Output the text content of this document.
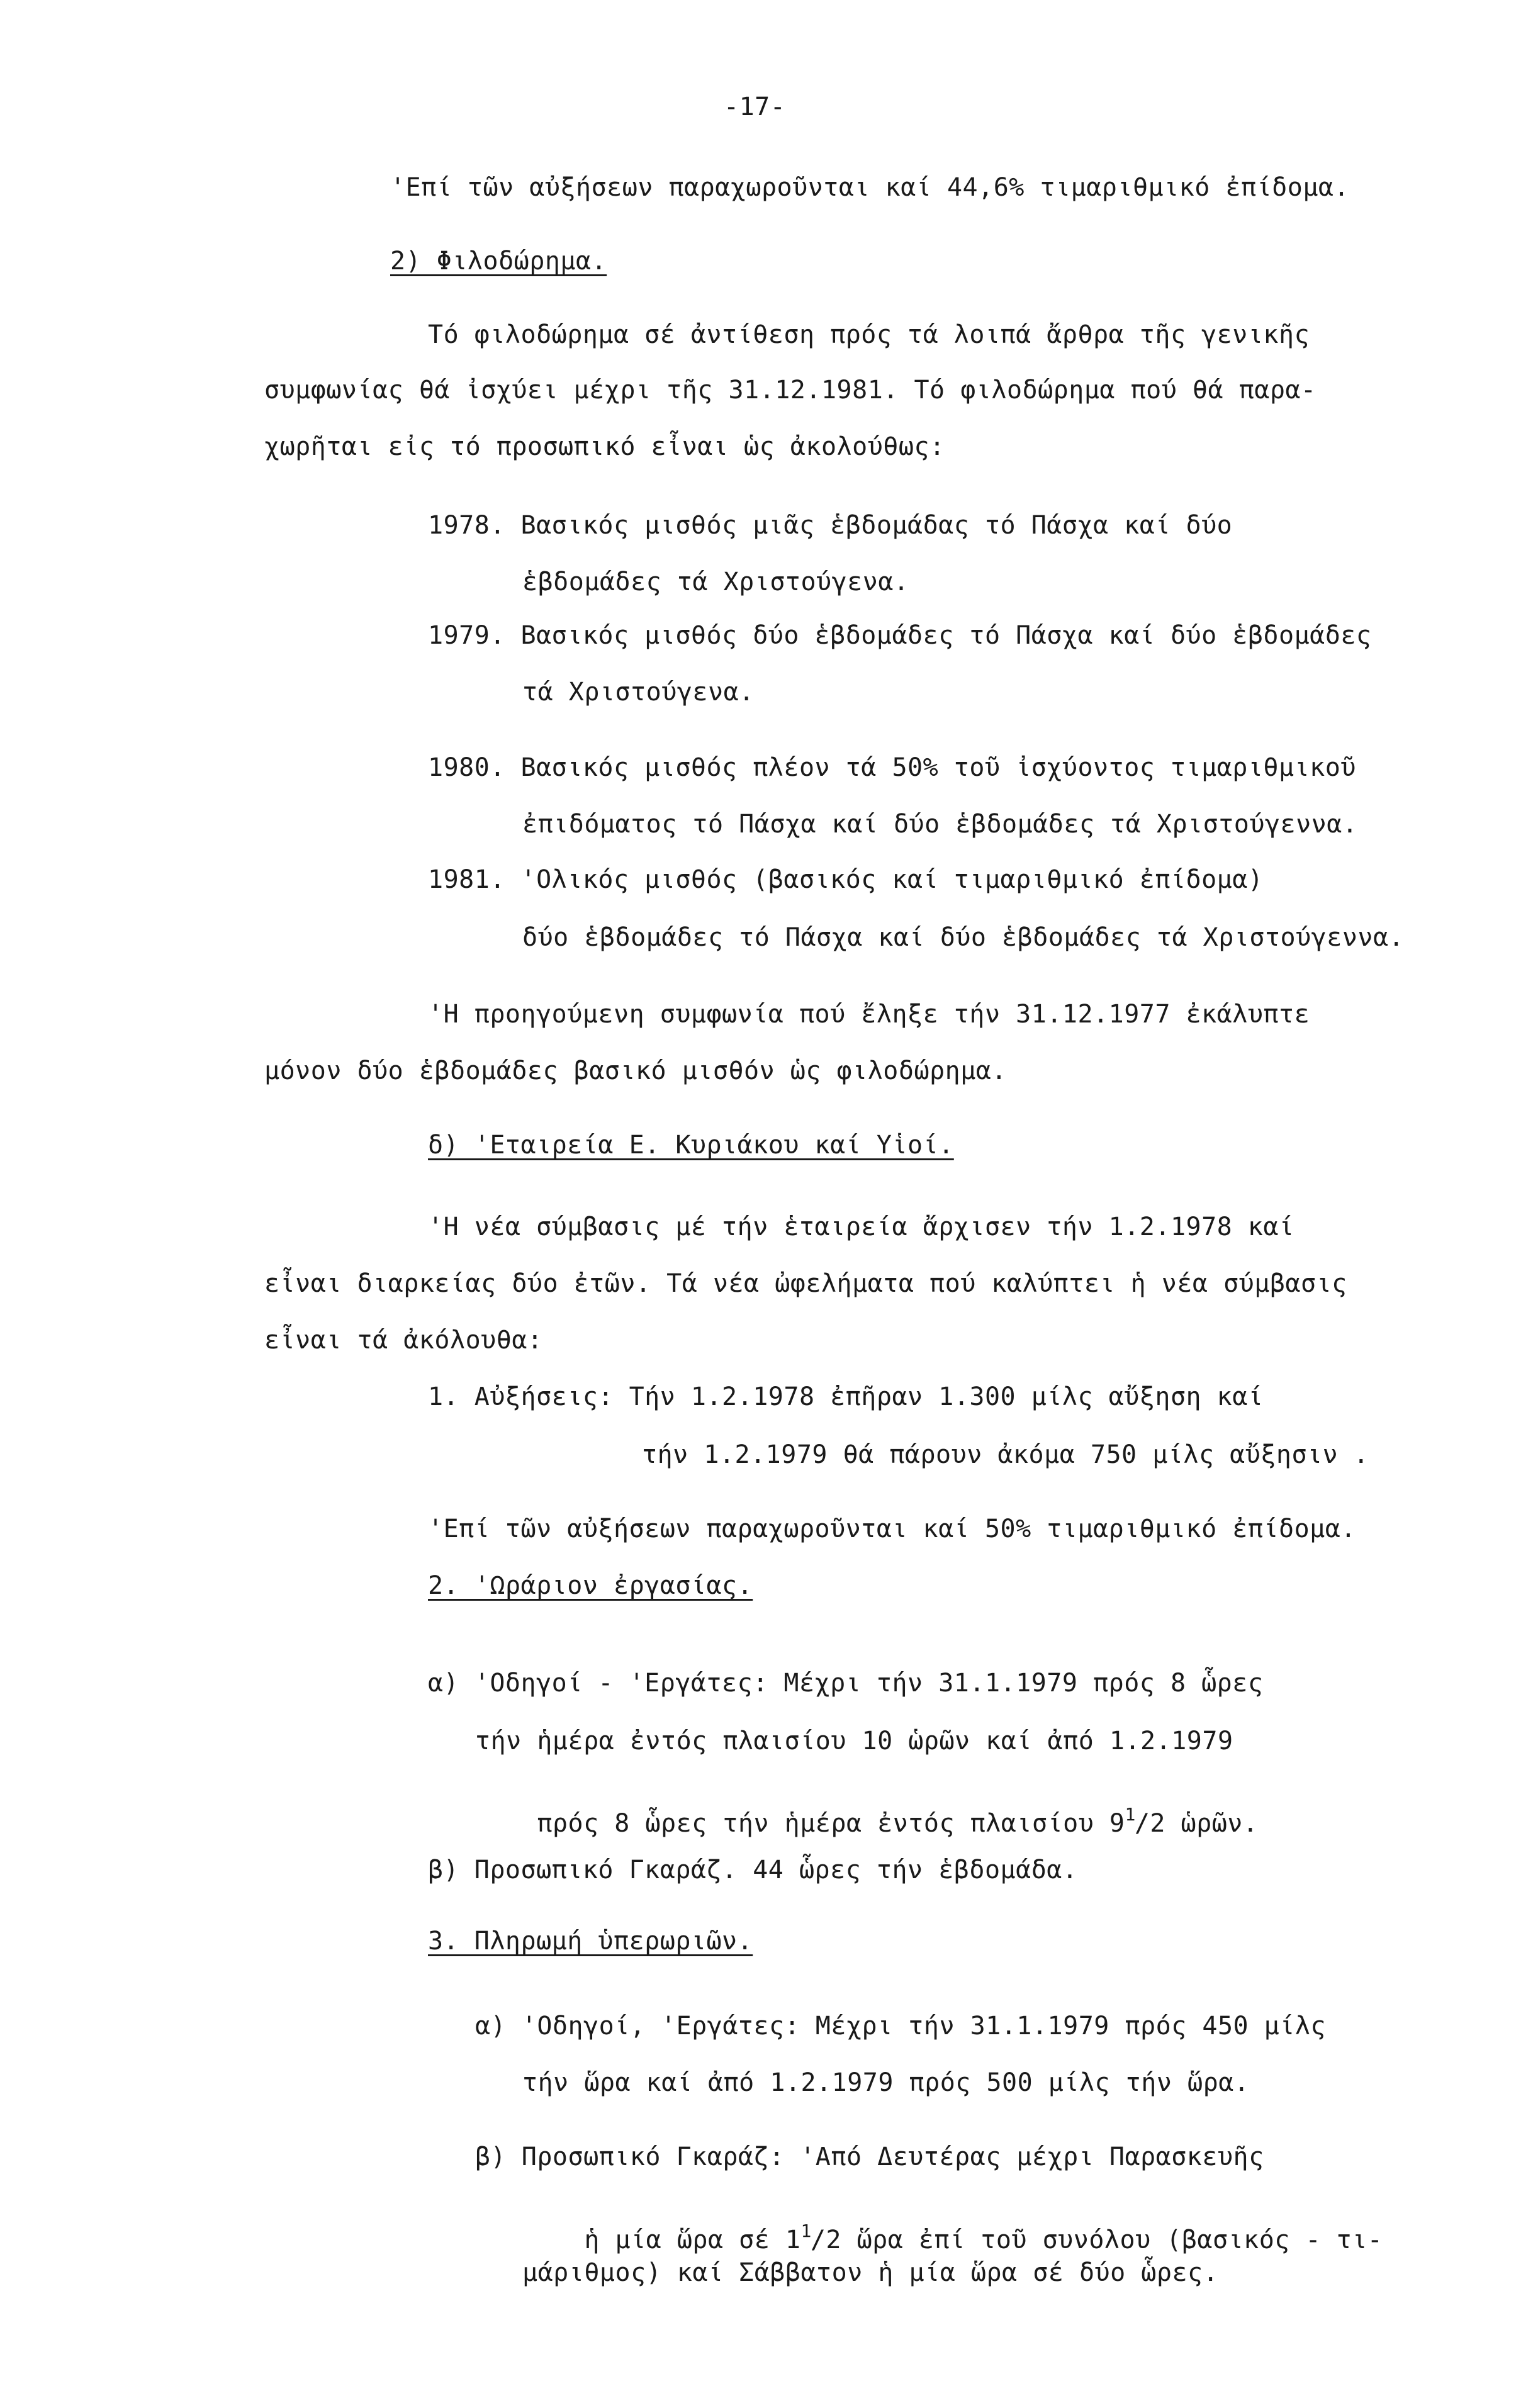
-17-
'Επί τῶν αὐξήσεων παραχωροῦνται καί 44,6% τιμαριθμικό ἐπίδομα.
2) Φιλοδώρημα.
Τό φιλοδώρημα σέ ἀντίθεση πρός τά λοιπά ἄρθρα τῆς γενικῆς
συμφωνίας θά ἰσχύει μέχρι τῆς 31.12.1981. Τό φιλοδώρημα πού θά παρα-
χωρῆται εἰς τό προσωπικό εἶναι ὡς ἀκολούθως:
1978. Βασικός μισθός μιᾶς ἑβδομάδας τό Πάσχα καί δύο
ἑβδομάδες τά Χριστούγενα.
1979. Βασικός μισθός δύο ἑβδομάδες τό Πάσχα καί δύο ἑβδομάδες
τά Χριστούγενα.
1980. Βασικός μισθός πλέον τά 50% τοῦ ἰσχύοντος τιμαριθμικοῦ
ἐπιδόματος τό Πάσχα καί δύο ἑβδομάδες τά Χριστούγεννα.
1981. 'Ολικός μισθός (βασικός καί τιμαριθμικό ἐπίδομα)
δύο ἑβδομάδες τό Πάσχα καί δύο ἑβδομάδες τά Χριστούγεννα.
'Η προηγούμενη συμφωνία πού ἔληξε τήν 31.12.1977 ἐκάλυπτε
μόνον δύο ἑβδομάδες βασικό μισθόν ὡς φιλοδώρημα.
δ) 'Εταιρεία Ε. Κυριάκου καί Υἱοί.
'Η νέα σύμβασις μέ τήν ἑταιρεία ἄρχισεν τήν 1.2.1978 καί
εἶναι διαρκείας δύο ἐτῶν. Τά νέα ὠφελήματα πού καλύπτει ἡ νέα σύμβασις
εἶναι τά ἀκόλουθα:
1. Αὐξήσεις: Τήν 1.2.1978 ἐπῆραν 1.300 μίλς αὔξηση καί
τήν 1.2.1979 θά πάρουν ἀκόμα 750 μίλς αὔξησιν .
'Επί τῶν αὐξήσεων παραχωροῦνται καί 50% τιμαριθμικό ἐπίδομα.
2. 'Ωράριον ἐργασίας.
α) 'Οδηγοί - 'Εργάτες: Μέχρι τήν 31.1.1979 πρός 8 ὧρες
τήν ἡμέρα ἐντός πλαισίου 10 ὡρῶν καί ἀπό 1.2.1979

πρός 8 ὧρες τήν ἡμέρα ἐντός πλαισίου $9^1/2$ ὡρῶν.

β) Προσωπικό Γκαράζ. 44 ὧρες τήν ἑβδομάδα.
3. Πληρωμή ὑπερωριῶν.
α) 'Οδηγοί, 'Εργάτες: Μέχρι τήν 31.1.1979 πρός 450 μίλς
τήν ὥρα καί ἀπό 1.2.1979 πρός 500 μίλς τήν ὥρα.
β) Προσωπικό Γκαράζ: 'Από Δευτέρας μέχρι Παρασκευῆς

ἡ μία ὥρα σέ $1^1/2$ ὥρα ἐπί τοῦ συνόλου (βασικός - τι-

μάριθμος) καί Σάββατον ἡ μία ὥρα σέ δύο ὧρες.
